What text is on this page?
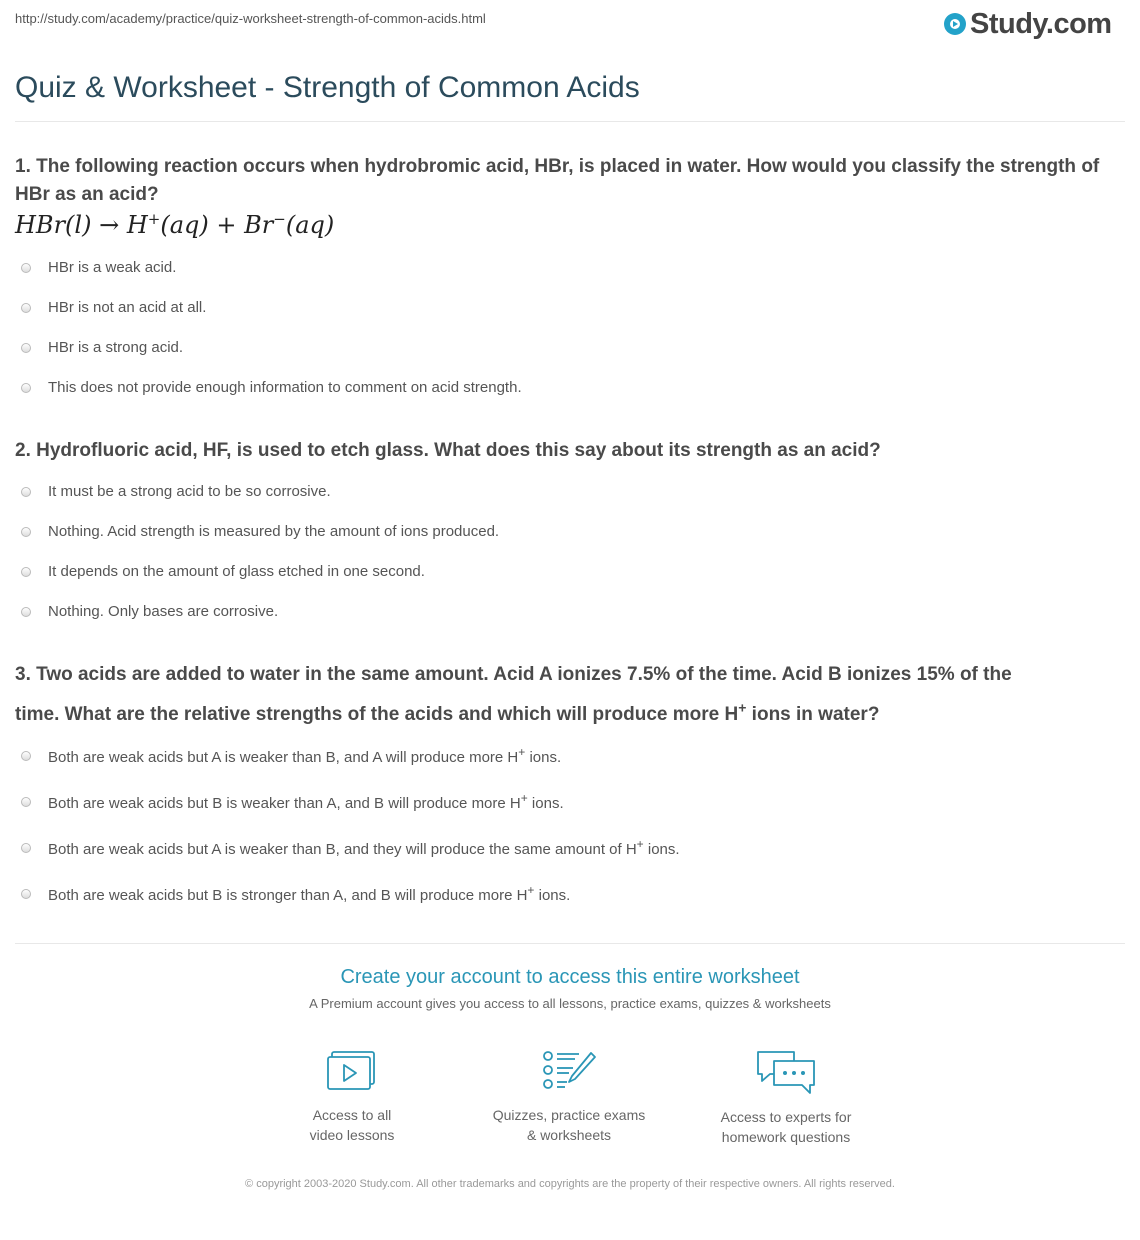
http://study.com/academy/practice/quiz-worksheet-strength-of-common-acids.html	Study.com
Quiz & Worksheet - Strength of Common Acids

1. The following reaction occurs when hydrobromic acid, HBr, is placed in water. How would you classify the strength of HBr as an acid?

HBr(l) → H+(aq) + Br−(aq)
HBr is a weak acid.
HBr is not an acid at all.
HBr is a strong acid.
This does not provide enough information to comment on acid strength.

2. Hydrofluoric acid, HF, is used to etch glass. What does this say about its strength as an acid?

It must be a strong acid to be so corrosive.
Nothing. Acid strength is measured by the amount of ions produced.
It depends on the amount of glass etched in one second.
Nothing. Only bases are corrosive.

3. Two acids are added to water in the same amount. Acid A ionizes 7.5% of the time. Acid B ionizes 15% of the
time. What are the relative strengths of the acids and which will produce more H+ ions in water?

Both are weak acids but A is weaker than B, and A will produce more H+ ions.
Both are weak acids but B is weaker than A, and B will produce more H+ ions.
Both are weak acids but A is weaker than B, and they will produce the same amount of H+ ions.
Both are weak acids but B is stronger than A, and B will produce more H+ ions.
Create your account to access this entire worksheet
A Premium account gives you access to all lessons, practice exams, quizzes & worksheets
Access to all
video lessons
Quizzes, practice exams
& worksheets
Access to experts for
homework questions
© copyright 2003-2020 Study.com. All other trademarks and copyrights are the property of their respective owners. All rights reserved.
